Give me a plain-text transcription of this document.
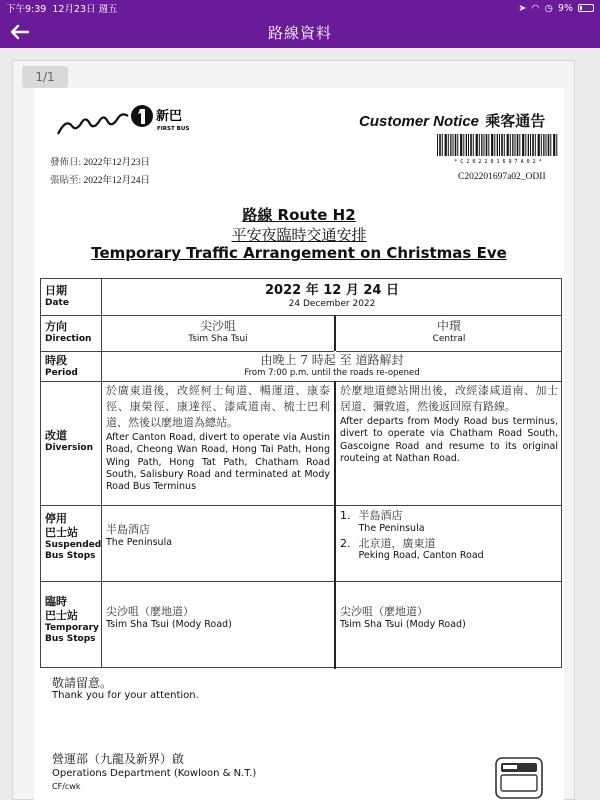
下午9:39 12月23日 週五	➤ ◠ ◷ 9%
路線資料
1/1
新巴
FIRST BUS	Customer Notice 乘客通告
* C 2 0 2 2 0 1 6 9 7 A 0 2 *
C202201697a02_ODII
發佈日: 2022年12月23日
張貼至: 2022年12月24日
路線 Route H2
平安夜臨時交通安排
Temporary Traffic Arrangement on Christmas Eve
日期
Date
2022 年 12 月 24 日
24 December 2022
方向
Direction
尖沙咀
Tsim Sha Tsui
中環
Central
時段
Period
由晚上 7 時起 至 道路解封
From 7:00 p.m. until the roads re-opened
改道
Diversion
於廣東道後，改經柯士甸道、暢運道、康泰徑、康榮徑、康達徑、漆咸道南、梳士巴利道、然後以麼地道為總站。
After Canton Road, divert to operate via Austin Road, Cheong Wan Road, Hong Tai Path, Hong Wing Path, Hong Tat Path, Chatham Road South, Salisbury Road and terminated at Mody Road Bus Terminus
於麼地道總站開出後，改經漆咸道南、加士居道、彌敦道，然後返回原有路線。
After departs from Mody Road bus terminus, divert to operate via Chatham Road South, Gascoigne Road and resume to its original routeing at Nathan Road.
停用
巴士站
Suspended
Bus Stops
半島酒店
The Peninsula
1. 半島酒店
The Peninsula
2. 北京道，廣東道
Peking Road, Canton Road
臨時
巴士站
Temporary
Bus Stops
尖沙咀（麼地道）
Tsim Sha Tsui (Mody Road)
尖沙咀（麼地道）
Tsim Sha Tsui (Mody Road)
敬請留意。
Thank you for your attention.
營運部（九龍及新界）啟
Operations Department (Kowloon & N.T.)
CF/cwk
